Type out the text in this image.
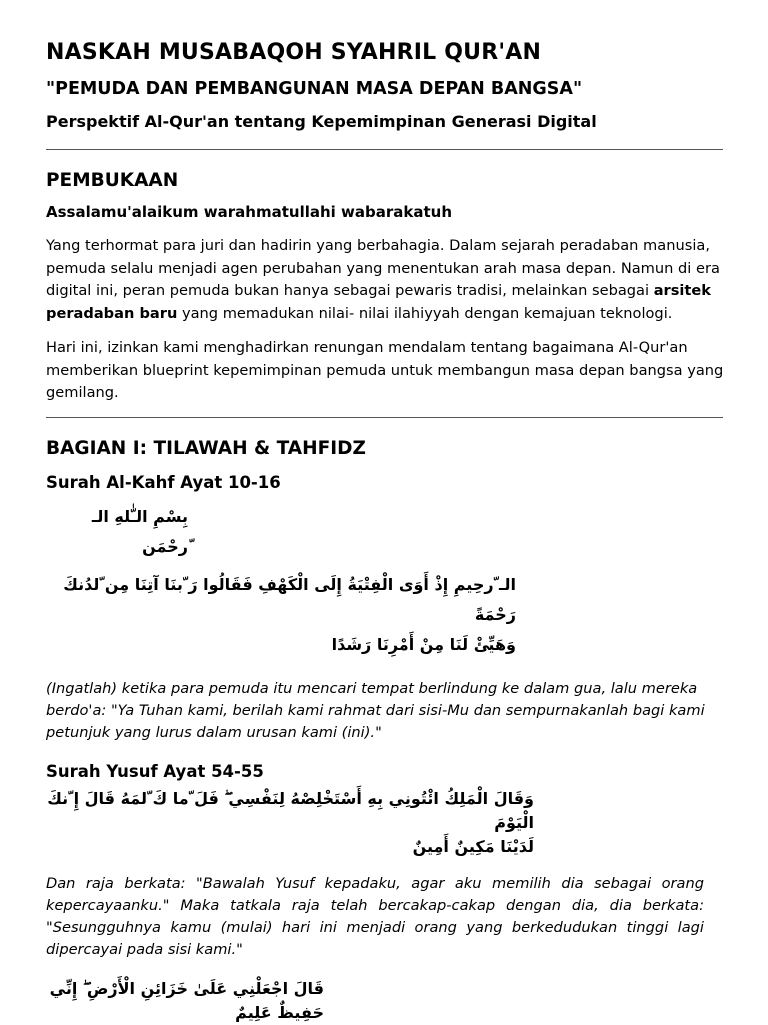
NASKAH MUSABAQOH SYAHRIL QUR'AN
"PEMUDA DAN PEMBANGUNAN MASA DEPAN BANGSA"
Perspektif Al-Qur'an tentang Kepemimpinan Generasi Digital
PEMBUKAAN
Assalamu'alaikum warahmatullahi wabarakatuh

Yang terhormat para juri dan hadirin yang berbahagia. Dalam sejarah peradaban manusia, pemuda selalu menjadi agen perubahan yang menentukan arah masa depan. Namun di era digital ini, peran pemuda bukan hanya sebagai pewaris tradisi, melainkan sebagai arsitek peradaban baru yang memadukan nilai- nilai ilahiyyah dengan kemajuan teknologi.

Hari ini, izinkan kami menghadirkan renungan mendalam tentang bagaimana Al-Qur'an memberikan blueprint kepemimpinan pemuda untuk membangun masa depan bangsa yang gemilang.

BAGIAN I: TILAWAH & TAHFIDZ
Surah Al-Kahf Ayat 10-16
بِسْمِ الـّٰلهِ الـ ّرحْمَن
الـ ّرحِيمِ إِذْ أَوَى الْفِتْيَةُ إِلَى الْكَهْفِ فَقَالُوا رَ ّبنَا آتِنَا مِن ّلدُنكَ رَحْمَةً
وَهَيِّئْ لَنَا مِنْ أَمْرِنَا رَشَدًا

(Ingatlah) ketika para pemuda itu mencari tempat berlindung ke dalam gua, lalu mereka berdo'a: "Ya Tuhan kami, berilah kami rahmat dari sisi-Mu dan sempurnakanlah bagi kami petunjuk yang lurus dalam urusan kami (ini)."

Surah Yusuf Ayat 54-55
وَقَالَ الْمَلِكُ ائْتُونِي بِهِ أَسْتَخْلِصْهُ لِنَفْسِي ۖ فَلَ ّما كَ ّلمَهُ قَالَ إِ ّنكَ الْيَوْمَ
لَدَيْنَا مَكِينٌ أَمِينٌ

Dan raja berkata: "Bawalah Yusuf kepadaku, agar aku memilih dia sebagai orang kepercayaanku." Maka tatkala raja telah bercakap-cakap dengan dia, dia berkata: "Sesungguhnya kamu (mulai) hari ini menjadi orang yang berkedudukan tinggi lagi dipercayai pada sisi kami."

قَالَ اجْعَلْنِي عَلَىٰ خَزَائِنِ الْأَرْضِ ۖ إِنِّي
حَفِيظٌ عَلِيمٌ
